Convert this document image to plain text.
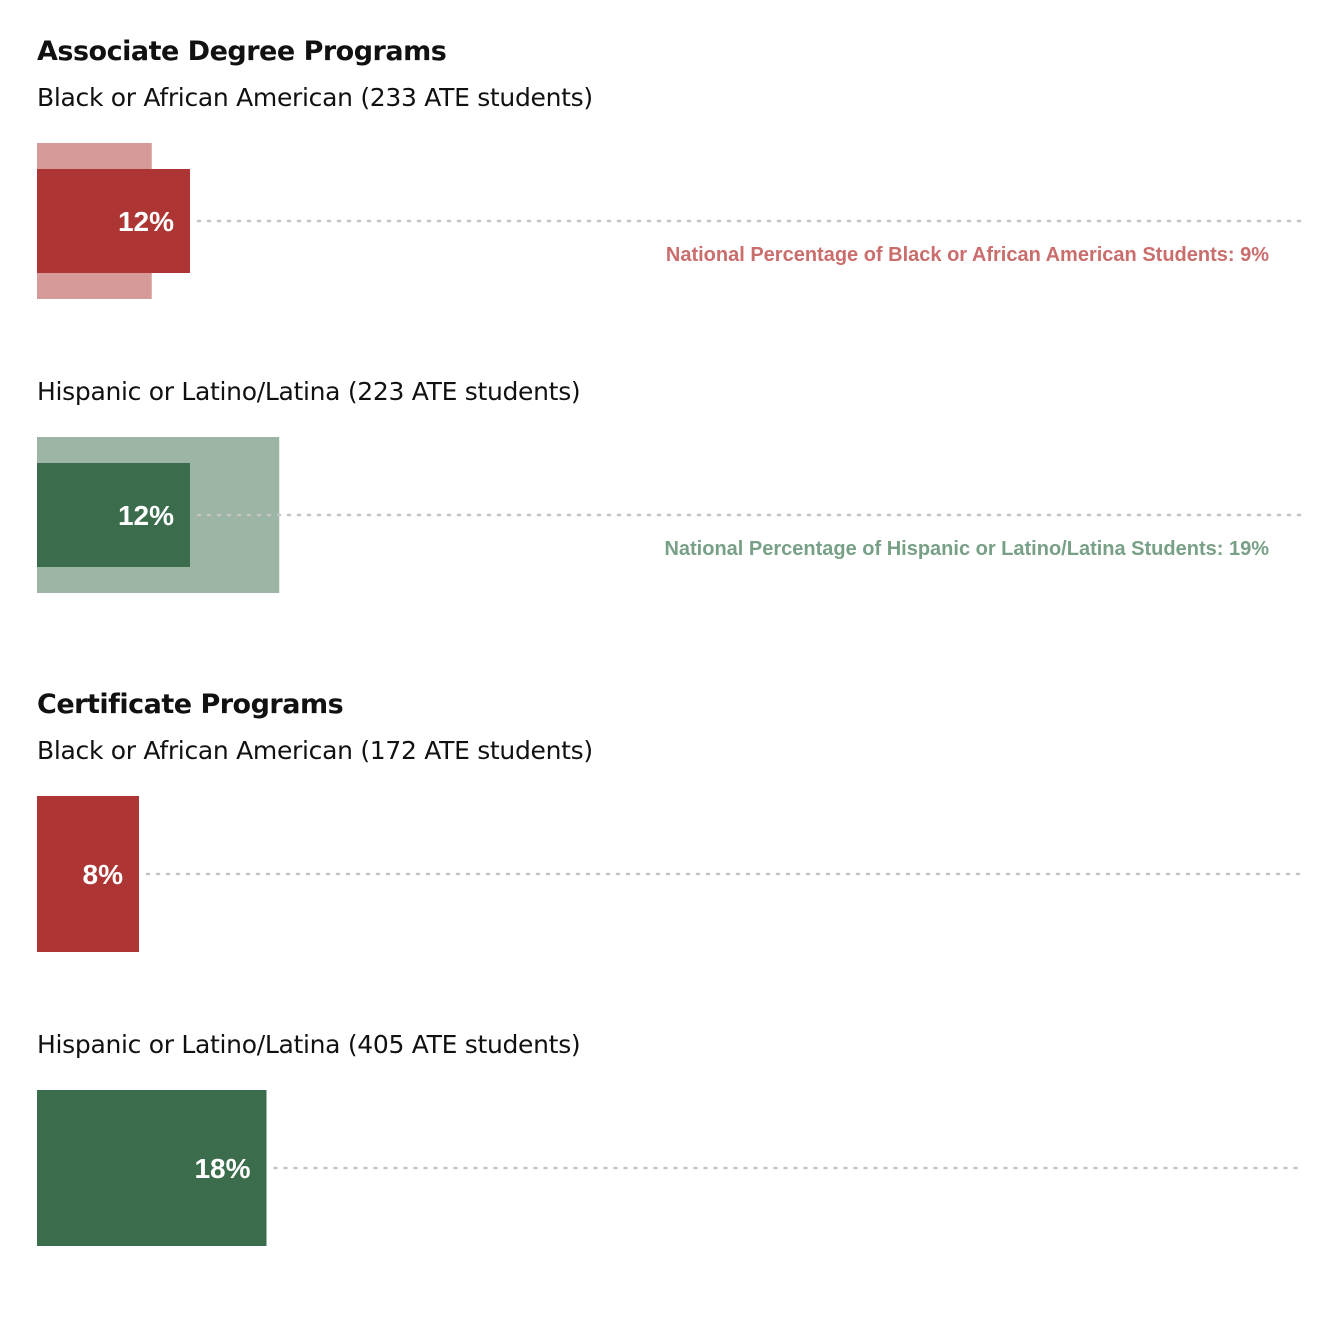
Associate Degree Programs
Black or African American (233 ATE students)
12%
National Percentage of Black or African American Students: 9%
Hispanic or Latino/Latina (223 ATE students)
12%
National Percentage of Hispanic or Latino/Latina Students: 19%
Certificate Programs
Black or African American (172 ATE students)
8%
Hispanic or Latino/Latina (405 ATE students)
18%
